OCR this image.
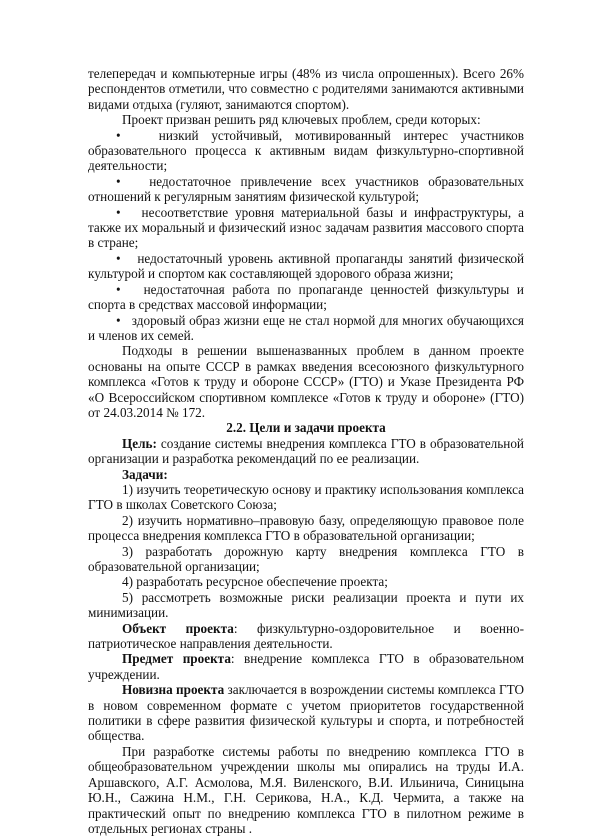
телепередач и компьютерные игры (48% из числа опрошенных). Всего 26% респондентов отметили, что совместно с родителями занимаются активными видами отдыха (гуляют, занимаются спортом).

Проект призван решить ряд ключевых проблем, среди которых:

•	низкий устойчивый, мотивированный интерес участников образовательного процесса к активным видам физкультурно-спортивной деятельности;

• недостаточное привлечение всех участников образовательных отношений к регулярным занятиям физической культурой;

• несоответствие уровня материальной базы и инфраструктуры, а также их моральный и физический износ задачам развития массового спорта в стране;

• недостаточный уровень активной пропаганды занятий физической культурой и спортом как составляющей здорового образа жизни;

• недостаточная работа по пропаганде ценностей физкультуры и спорта в средствах массовой информации;

• здоровый образ жизни еще не стал нормой для многих обучающихся и членов их семей.

Подходы в решении вышеназванных проблем в данном проекте основаны на опыте СССР в рамках введения всесоюзного физкультурного комплекса «Готов к труду и обороне СССР» (ГТО) и Указе Президента РФ «О Всероссийском спортивном комплексе «Готов к труду и обороне» (ГТО) от 24.03.2014 № 172.

2.2. Цели и задачи проекта

Цель: создание системы внедрения комплекса ГТО в образовательной организации и разработка рекомендаций по ее реализации.

Задачи:

1) изучить теоретическую основу и практику использования комплекса ГТО в школах Советского Союза;

2) изучить нормативно–правовую базу, определяющую правовое поле процесса внедрения комплекса ГТО в образовательной организации;

3) разработать дорожную карту внедрения комплекса ГТО в образовательной организации;

4) разработать ресурсное обеспечение проекта;

5) рассмотреть возможные риски реализации проекта и пути их минимизации.

Объект проекта: физкультурно-оздоровительное и военно-патриотическое направления деятельности.

Предмет проекта: внедрение комплекса ГТО в образовательном учреждении.

Новизна проекта заключается в возрождении системы комплекса ГТО в новом современном формате с учетом приоритетов государственной политики в сфере развития физической культуры и спорта, и потребностей общества.

При разработке системы работы по внедрению комплекса ГТО в общеобразовательном учреждении школы мы опирались на труды И.А. Аршавского, А.Г. Асмолова, М.Я. Виленского, В.И. Ильинича, Синицына Ю.Н., Сажина Н.М., Г.Н. Сериковa, Н.А., К.Д. Чермита, а также на практический опыт по внедрению комплекса ГТО в пилотном режиме в отдельных регионах страны .
